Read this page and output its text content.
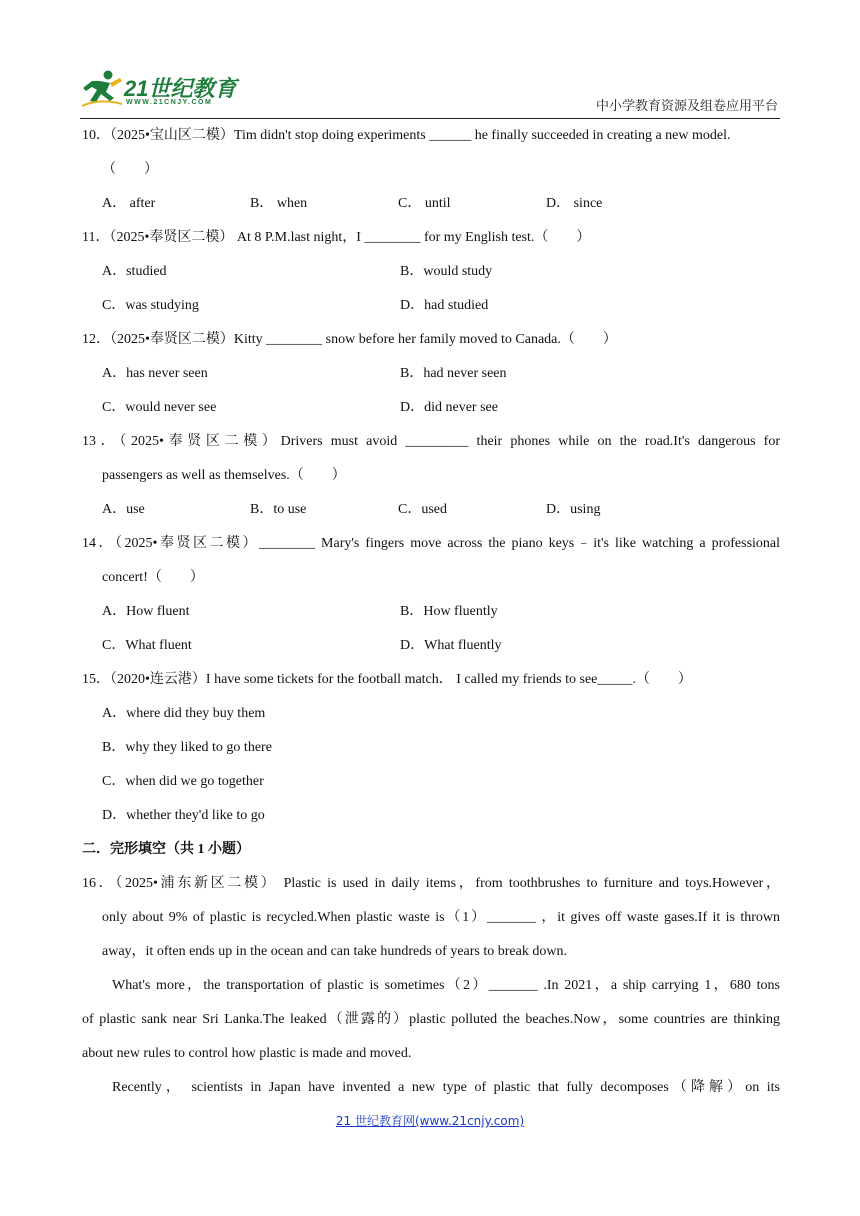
21世纪教育
WWW.21CNJY.COM	中小学教育资源及组卷应用平台
10．（2025•宝山区二模）Tim didn't stop doing experiments ______ he finally succeeded in creating a new model.
（　　）
A． after	B． when	C． until	D． since
11．（2025•奉贤区二模） At 8 P.M.last night，I ________ for my English test.（　　）
A．studied	B．would study
C．was studying	D．had studied
12．（2025•奉贤区二模）Kitty ________ snow before her family moved to Canada.（　　）
A．has never seen	B．had never seen
C．would never see	D．did never see
13．（2025•奉贤区二模）Drivers must avoid _________ their phones while on the road.It's dangerous for
passengers as well as themselves.（　　）
A．use	B．to use	C．used	D．using
14．（2025•奉贤区二模）________ Mary's fingers move across the piano keys﹣it's like watching a professional
concert!（　　）
A．How fluent	B．How fluently
C．What fluent	D．What fluently
15．（2020•连云港）I have some tickets for the football match． I called my friends to see_____.（　　）
A．where did they buy them
B．why they liked to go there
C．when did we go together
D．whether they'd like to go
二．完形填空（共 1 小题）
16．（2025•浦东新区二模） Plastic is used in daily items，from toothbrushes to furniture and toys.However，
only about 9% of plastic is recycled.When plastic waste is（1）_______ ，it gives off waste gases.If it is thrown
away，it often ends up in the ocean and can take hundreds of years to break down.
What's more，the transportation of plastic is sometimes（2）_______ .In 2021，a ship carrying 1，680 tons
of plastic sank near Sri Lanka.The leaked（泄露的）plastic polluted the beaches.Now，some countries are thinking
about new rules to control how plastic is made and moved.
Recently， scientists in Japan have invented a new type of plastic that fully decomposes（降解）on its
21 世纪教育网(www.21cnjy.com)
